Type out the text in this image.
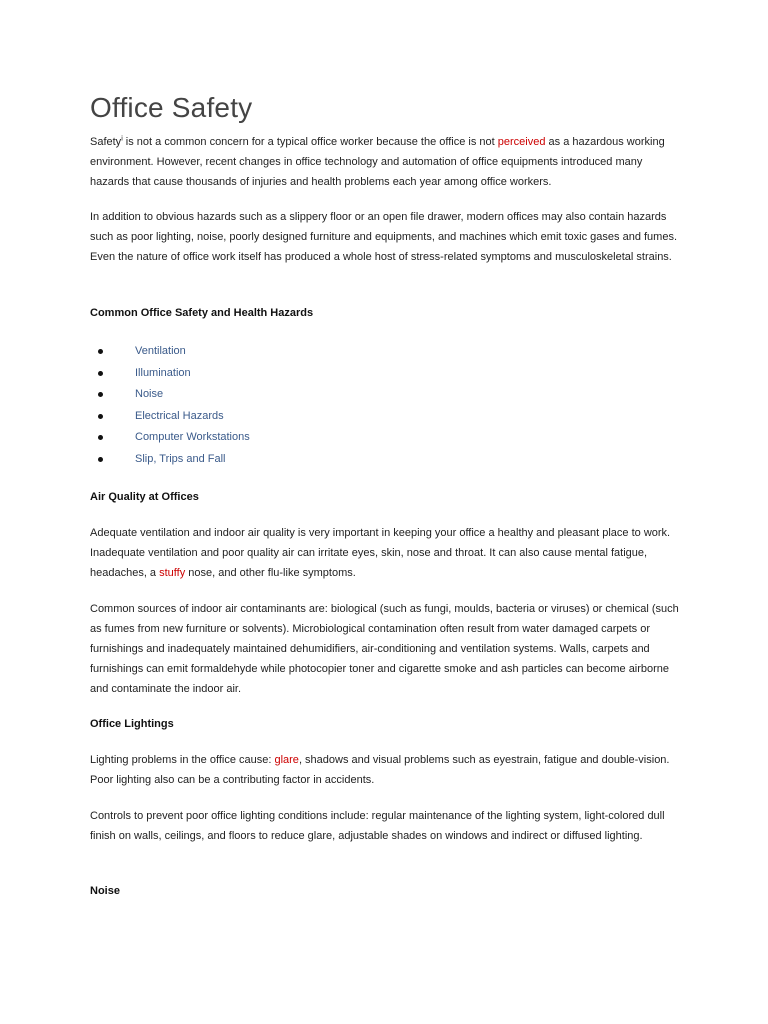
Office Safety

Safety$^i$ is not a common concern for a typical office worker because the office is not perceived as a hazardous working environment. However, recent changes in office technology and automation of office equipments introduced many hazards that cause thousands of injuries and health problems each year among office workers.

In addition to obvious hazards such as a slippery floor or an open file drawer, modern offices may also contain hazards such as poor lighting, noise, poorly designed furniture and equipments, and machines which emit toxic gases and fumes. Even the nature of office work itself has produced a whole host of stress-related symptoms and musculoskeletal strains.

Common Office Safety and Health Hazards
Ventilation
Illumination
Noise
Electrical Hazards
Computer Workstations
Slip, Trips and Fall
Air Quality at Offices

Adequate ventilation and indoor air quality is very important in keeping your office a healthy and pleasant place to work. Inadequate ventilation and poor quality air can irritate eyes, skin, nose and throat. It can also cause mental fatigue, headaches, a stuffy nose, and other flu-like symptoms.

Common sources of indoor air contaminants are: biological (such as fungi, moulds, bacteria or viruses) or chemical (such as fumes from new furniture or solvents). Microbiological contamination often result from water damaged carpets or furnishings and inadequately maintained dehumidifiers, air-conditioning and ventilation systems. Walls, carpets and furnishings can emit formaldehyde while photocopier toner and cigarette smoke and ash particles can become airborne and contaminate the indoor air.

Office Lightings

Lighting problems in the office cause: glare, shadows and visual problems such as eyestrain, fatigue and double-vision. Poor lighting also can be a contributing factor in accidents.

Controls to prevent poor office lighting conditions include: regular maintenance of the lighting system, light-colored dull finish on walls, ceilings, and floors to reduce glare, adjustable shades on windows and indirect or diffused lighting.

Noise
